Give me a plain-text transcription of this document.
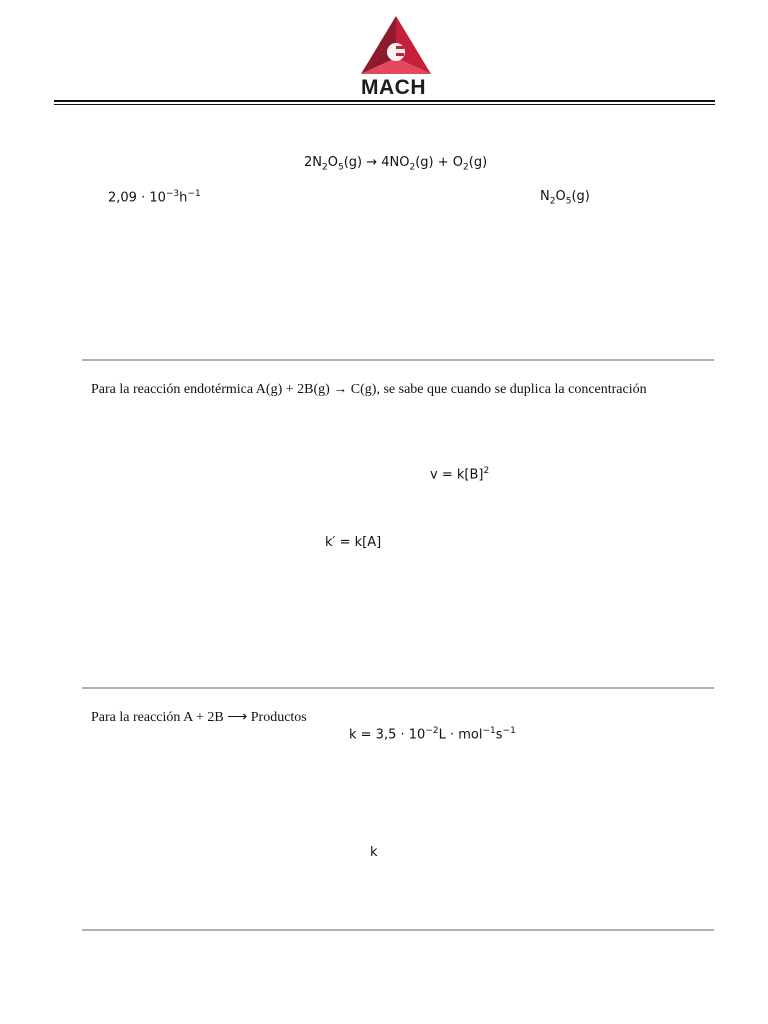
MACH
$2N_2O_5(g) \to 4NO_2(g) + O_2(g)$
$2,09 \cdot 10^{-3}h^{-1}$	$N_2O_5(g)$
Para la reacción endotérmica A(g) + 2B(g) → C(g), se sabe que cuando se duplica la concentración
$v = k[B]^2$
k′ = k[A]
Para la reacción A + 2B ⟶ Productos
$k = 3,5 \cdot 10^{-2}L \cdot mol^{-1}s^{-1}$
k
